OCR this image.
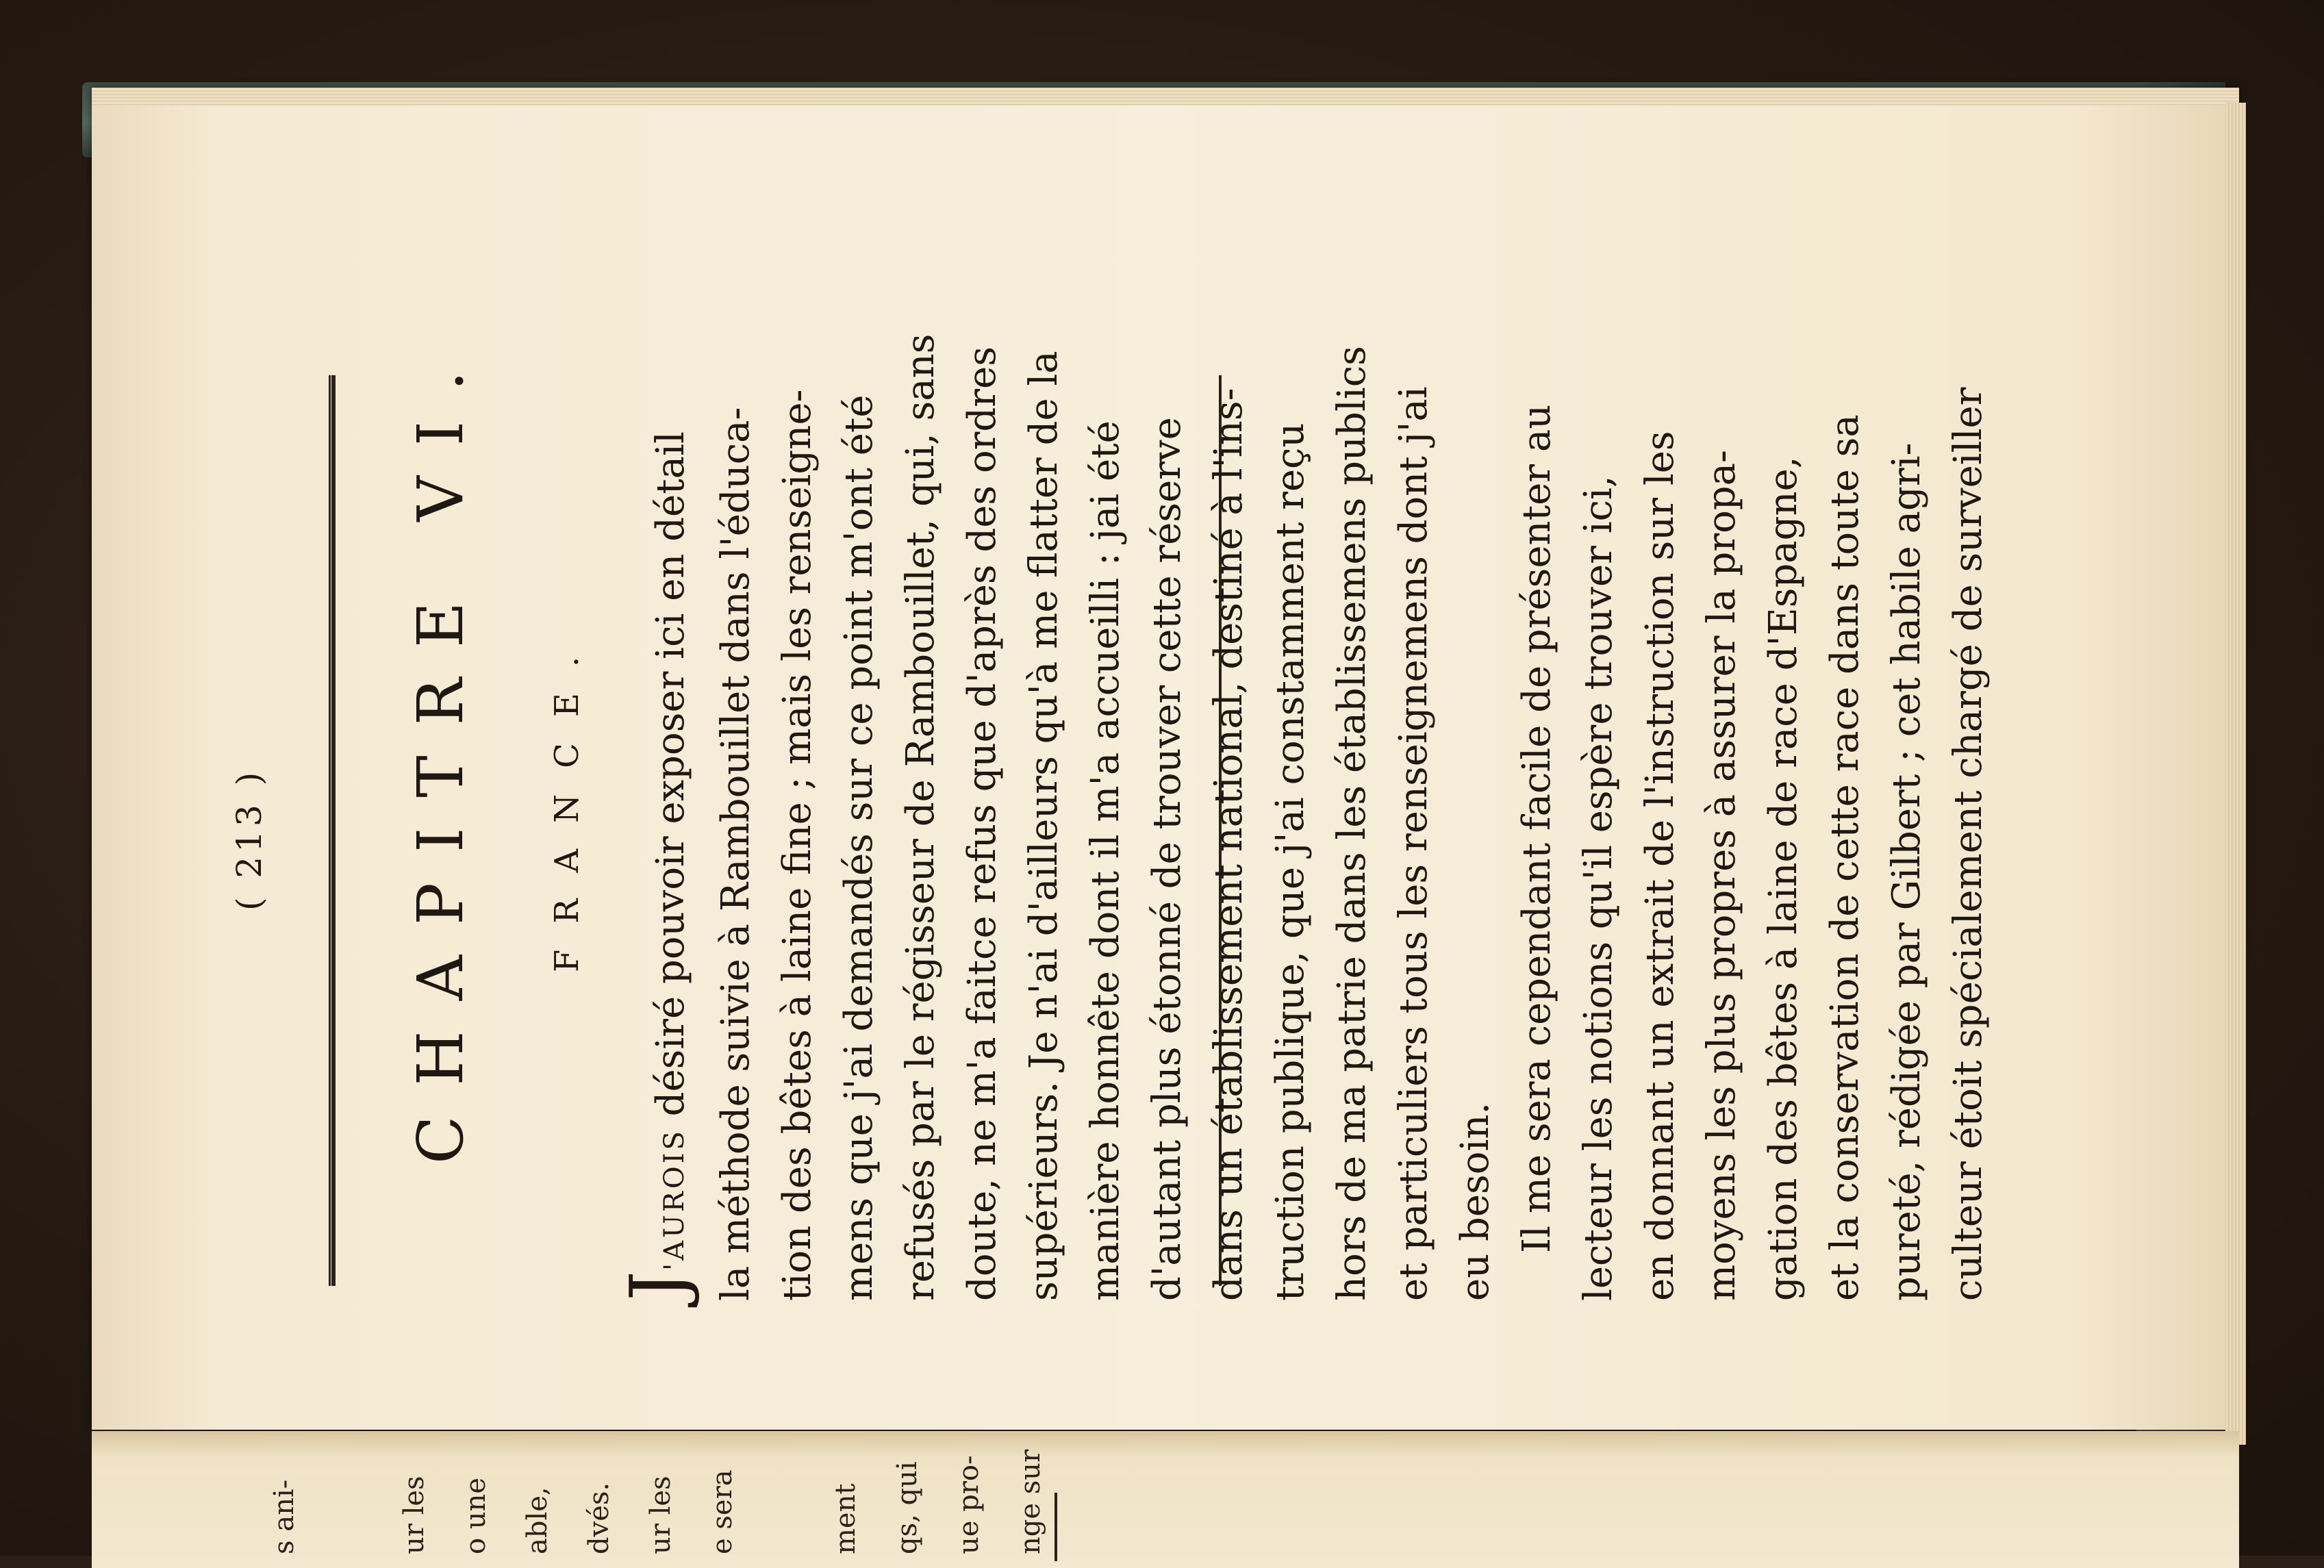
( 213 ) CHAPITRE VI. FRANCE.

J'AUROIS désiré pouvoir exposer ici en détail la méthode suivie à Rambouillet dans l'éduca- tion des bêtes à laine fine ; mais les renseigne- mens que j'ai demandés sur ce point m'ont été refusés par le régisseur de Rambouillet, qui, sans doute, ne m'a faitce refus que d'après des ordres supérieurs. Je n'ai d'ailleurs qu'à me flatter de la manière honnête dont il m'a accueilli : jai été d'autant plus étonné de trouver cette réserve dans un établissement national, destiné à l'ins- truction publique, que j'ai constamment reçu hors de ma patrie dans les établissemens publics et particuliers tous les renseignemens dont j'ai eu besoin. Il me sera cependant facile de présenter au lecteur les notions qu'il espère trouver ici, en donnant un extrait de l'instruction sur les moyens les plus propres à assurer la propa- gation des bêtes à laine de race d'Espagne, et la conservation de cette race dans toute sa pureté, rédigée par Gilbert ; cet habile agri- culteur étoit spécialement chargé de surveiller

s ani-	ur les	o une	able,	dvés.	ur les	e sera	ment	qs, qui	ue pro-	nge sur
